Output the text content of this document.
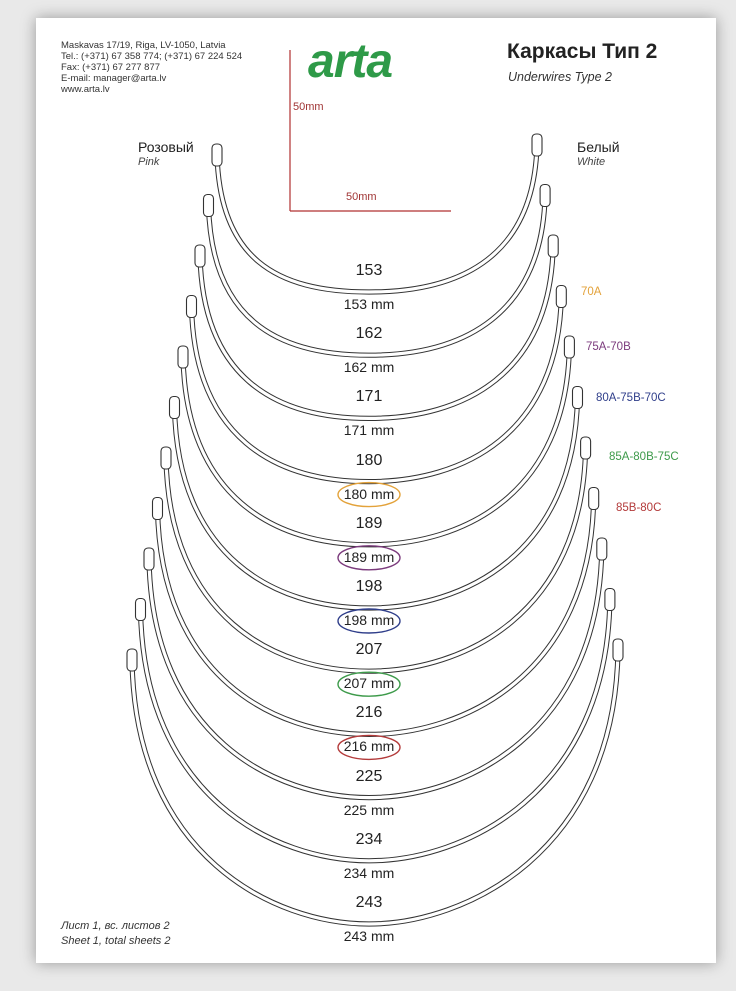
Maskavas 17/19, Riga, LV-1050, Latvia
Tel.: (+371) 67 358 774; (+371) 67 224 524
Fax: (+371) 67 277 877
E-mail: manager@arta.lv
www.arta.lv
arta	Каркасы Тип 2
Underwires Type 2
Розовый
Pink
Белый
White
50mm
50mm
153
153 mm
162
162 mm
171
171 mm
180
180 mm
189
189 mm
198
198 mm
207
207 mm
216
216 mm
225
225 mm
234
234 mm
243
243 mm
70A
75A-70B
80A-75B-70C
85A-80B-75C
85B-80C
Лист 1, вс. листов 2
Sheet 1, total sheets 2
